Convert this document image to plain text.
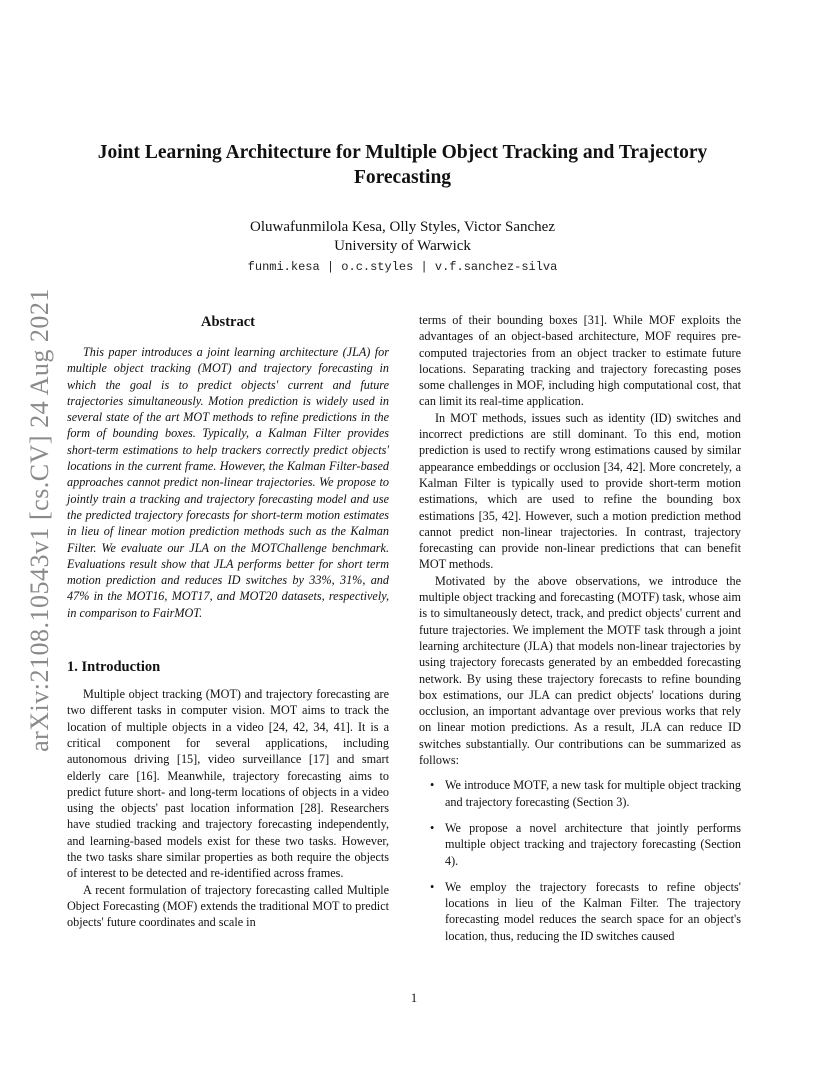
arXiv:2108.10543v1 [cs.CV] 24 Aug 2021
Joint Learning Architecture for Multiple Object Tracking and Trajectory
Forecasting
Oluwafunmilola Kesa, Olly Styles, Victor Sanchez
University of Warwick
funmi.kesa | o.c.styles | v.f.sanchez-silva
Abstract

This paper introduces a joint learning architecture (JLA) for multiple object tracking (MOT) and trajectory forecasting in which the goal is to predict objects' current and future trajectories simultaneously. Motion prediction is widely used in several state of the art MOT methods to refine predictions in the form of bounding boxes. Typically, a Kalman Filter provides short-term estimations to help trackers correctly predict objects' locations in the current frame. However, the Kalman Filter-based approaches cannot predict non-linear trajectories. We propose to jointly train a tracking and trajectory forecasting model and use the predicted trajectory forecasts for short-term motion estimates in lieu of linear motion prediction methods such as the Kalman Filter. We evaluate our JLA on the MOTChallenge benchmark. Evaluations result show that JLA performs better for short term motion prediction and reduces ID switches by 33%, 31%, and 47% in the MOT16, MOT17, and MOT20 datasets, respectively, in comparison to FairMOT.

1. Introduction

Multiple object tracking (MOT) and trajectory forecasting are two different tasks in computer vision. MOT aims to track the location of multiple objects in a video [24, 42, 34, 41]. It is a critical component for several applications, including autonomous driving [15], video surveillance [17] and smart elderly care [16]. Meanwhile, trajectory forecasting aims to predict future short- and long-term locations of objects in a video using the objects' past location information [28]. Researchers have studied tracking and trajectory forecasting independently, and learning-based models exist for these two tasks. However, the two tasks share similar properties as both require the objects of interest to be detected and re-identified across frames.

A recent formulation of trajectory forecasting called Multiple Object Forecasting (MOF) extends the traditional MOT to predict objects' future coordinates and scale in

terms of their bounding boxes [31]. While MOF exploits the advantages of an object-based architecture, MOF requires pre-computed trajectories from an object tracker to estimate future locations. Separating tracking and trajectory forecasting poses some challenges in MOF, including high computational cost, that can limit its real-time application.

In MOT methods, issues such as identity (ID) switches and incorrect predictions are still dominant. To this end, motion prediction is used to rectify wrong estimations caused by similar appearance embeddings or occlusion [34, 42]. More concretely, a Kalman Filter is typically used to provide short-term motion estimations, which are used to refine the bounding box estimations [35, 42]. However, such a motion prediction method cannot predict non-linear trajectories. In contrast, trajectory forecasting can provide non-linear predictions that can benefit MOT methods.

Motivated by the above observations, we introduce the multiple object tracking and forecasting (MOTF) task, whose aim is to simultaneously detect, track, and predict objects' current and future trajectories. We implement the MOTF task through a joint learning architecture (JLA) that models non-linear trajectories by using trajectory forecasts generated by an embedded forecasting network. By using these trajectory forecasts to refine bounding box estimations, our JLA can predict objects' locations during occlusion, an important advantage over previous works that rely on linear motion predictions. As a result, JLA can reduce ID switches substantially. Our contributions can be summarized as follows:

• We introduce MOTF, a new task for multiple object tracking and trajectory forecasting (Section 3).
• We propose a novel architecture that jointly performs multiple object tracking and trajectory forecasting (Section 4).
• We employ the trajectory forecasts to refine objects' locations in lieu of the Kalman Filter. The trajectory forecasting model reduces the search space for an object's location, thus, reducing the ID switches caused
1
